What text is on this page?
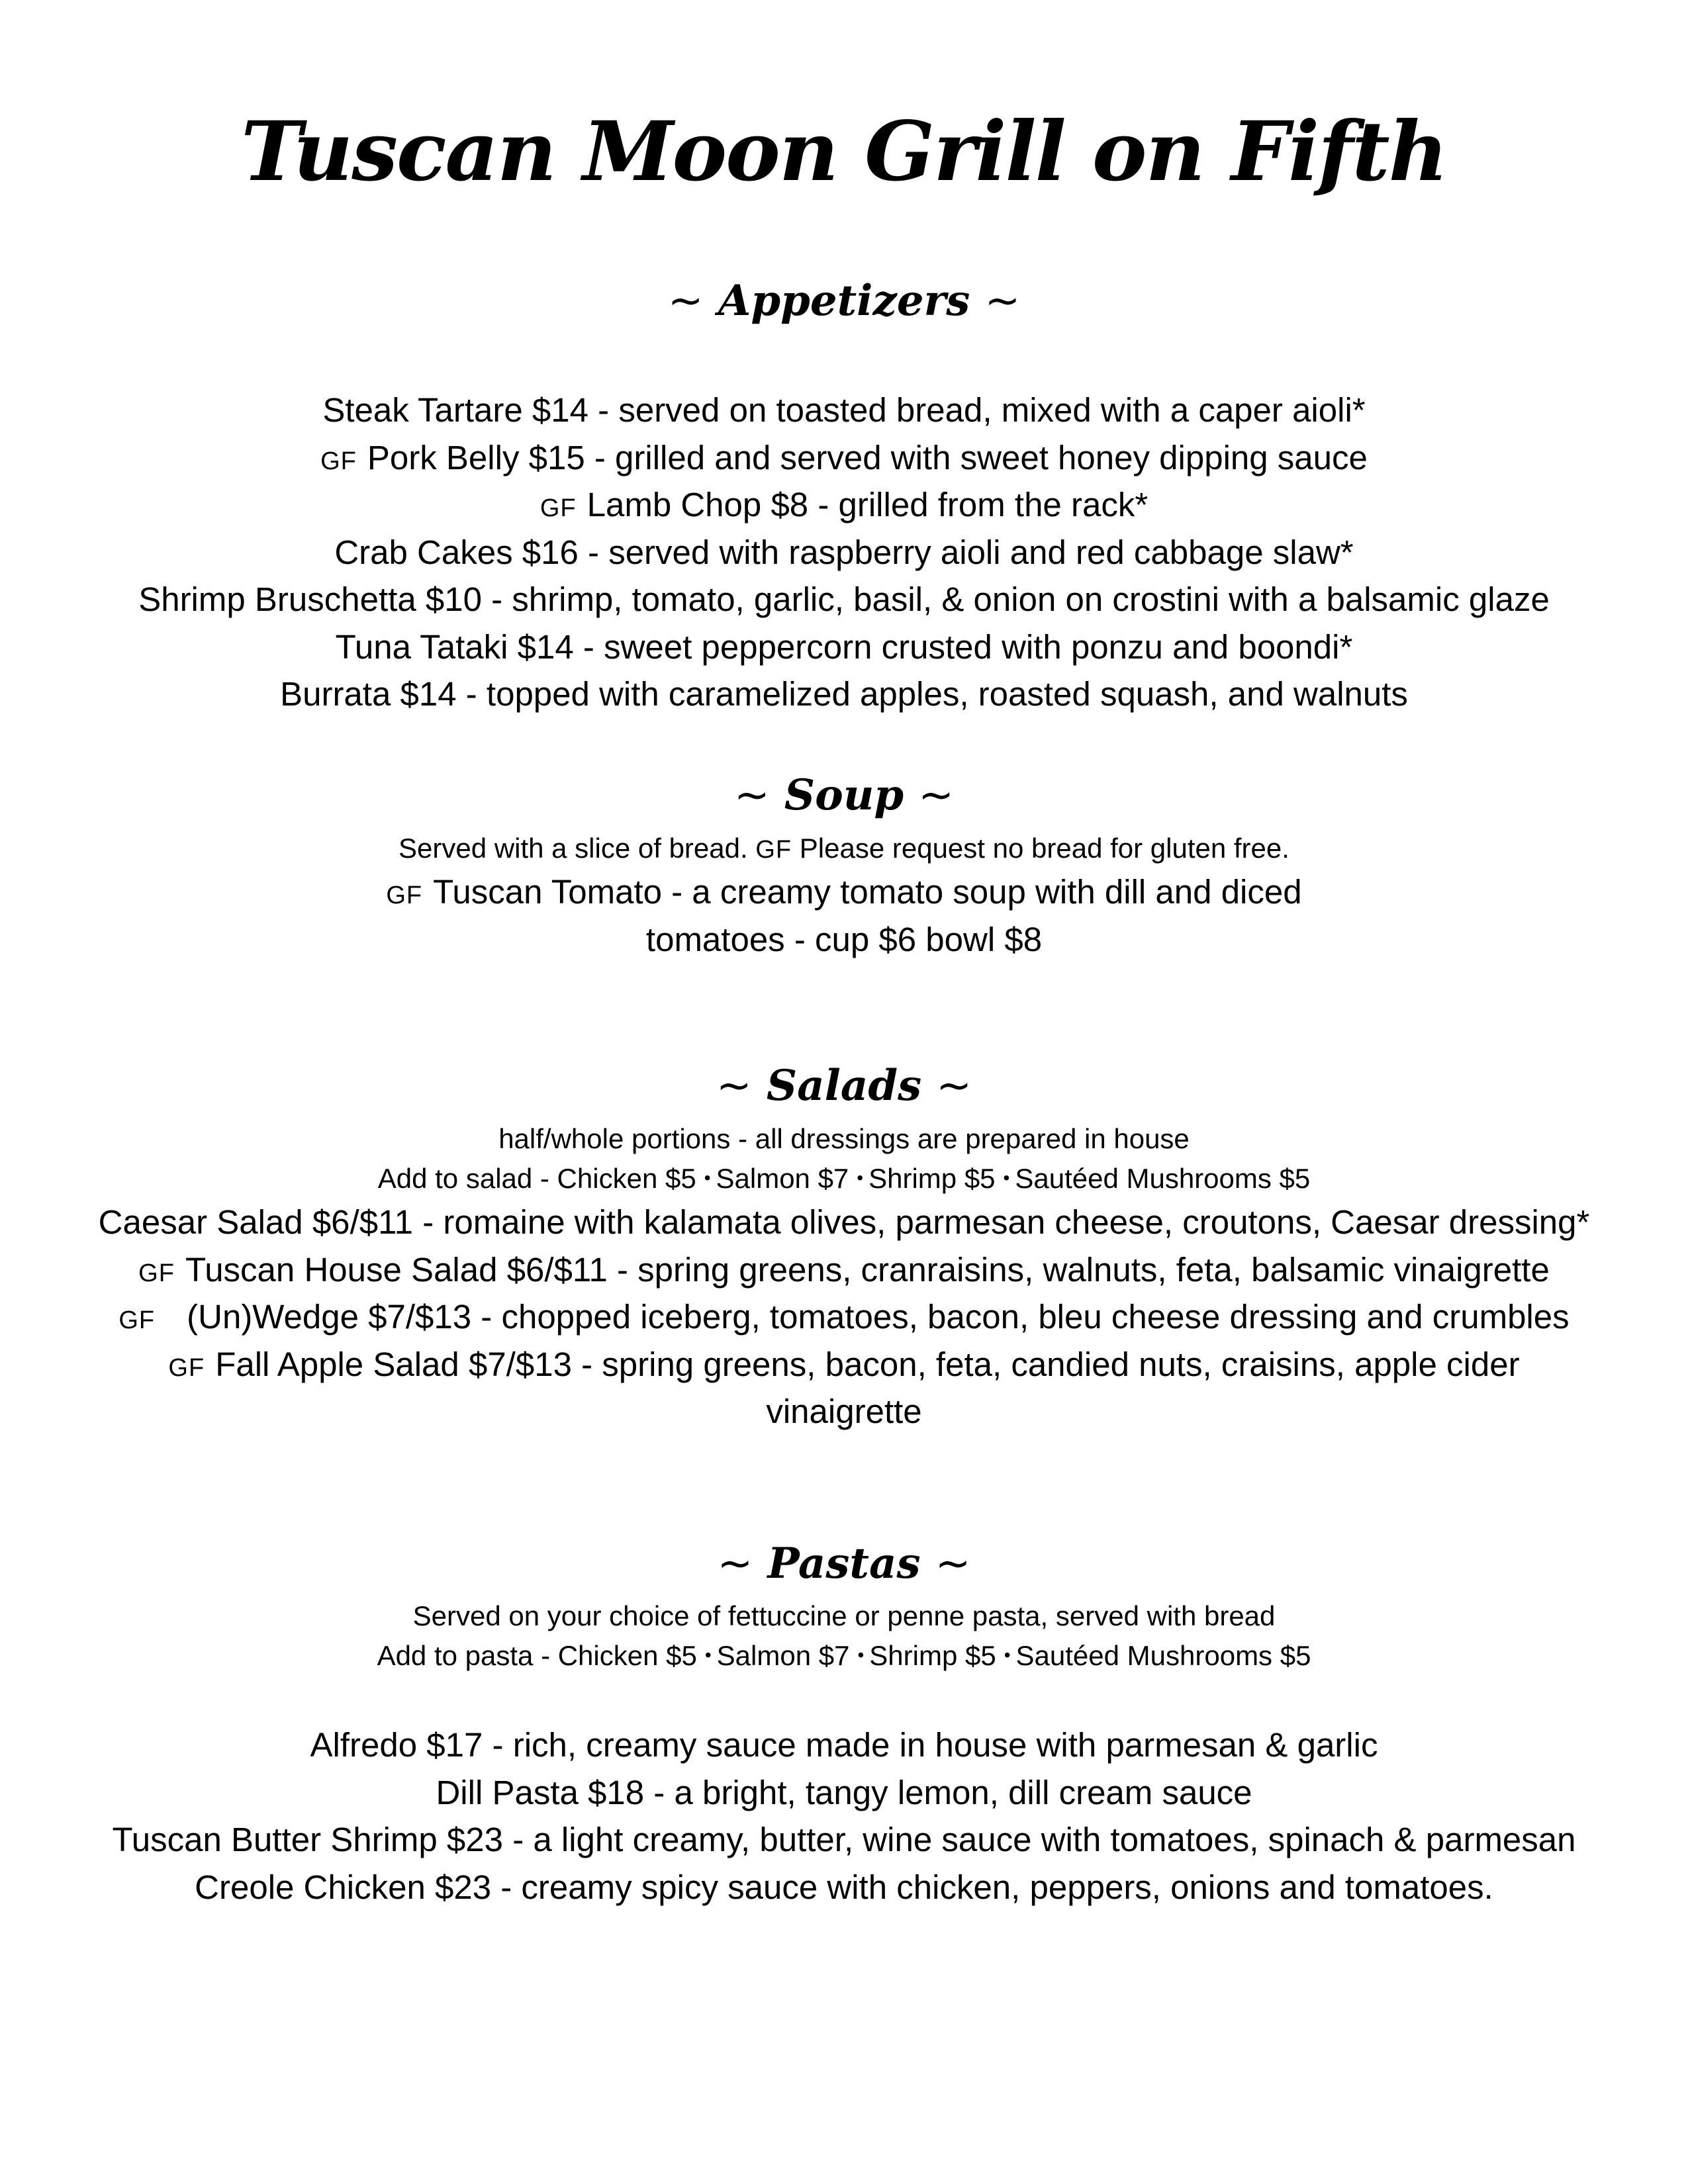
Tuscan Moon Grill on Fifth
~ Appetizers ~
Steak Tartare $14 - served on toasted bread, mixed with a caper aioli*
GF Pork Belly $15 - grilled and served with sweet honey dipping sauce
GF Lamb Chop $8 - grilled from the rack*
Crab Cakes $16 - served with raspberry aioli and red cabbage slaw*
Shrimp Bruschetta $10 - shrimp, tomato, garlic, basil, & onion on crostini with a balsamic glaze
Tuna Tataki $14 - sweet peppercorn crusted with ponzu and boondi*
Burrata $14 - topped with caramelized apples, roasted squash, and walnuts
~ Soup ~
Served with a slice of bread. GF Please request no bread for gluten free.
GF Tuscan Tomato - a creamy tomato soup with dill and diced
tomatoes - cup $6 bowl $8
~ Salads ~
half/whole portions - all dressings are prepared in house
Add to salad - Chicken $5 • Salmon $7 • Shrimp $5 • Sautéed Mushrooms $5
Caesar Salad $6/$11 - romaine with kalamata olives, parmesan cheese, croutons, Caesar dressing*
GF Tuscan House Salad $6/$11 - spring greens, cranraisins, walnuts, feta, balsamic vinaigrette
GF (Un)Wedge $7/$13 - chopped iceberg, tomatoes, bacon, bleu cheese dressing and crumbles
GF Fall Apple Salad $7/$13 - spring greens, bacon, feta, candied nuts, craisins, apple cider
vinaigrette
~ Pastas ~
Served on your choice of fettuccine or penne pasta, served with bread
Add to pasta - Chicken $5 • Salmon $7 • Shrimp $5 • Sautéed Mushrooms $5
Alfredo $17 - rich, creamy sauce made in house with parmesan & garlic
Dill Pasta $18 - a bright, tangy lemon, dill cream sauce
Tuscan Butter Shrimp $23 - a light creamy, butter, wine sauce with tomatoes, spinach & parmesan
Creole Chicken $23 - creamy spicy sauce with chicken, peppers, onions and tomatoes.
